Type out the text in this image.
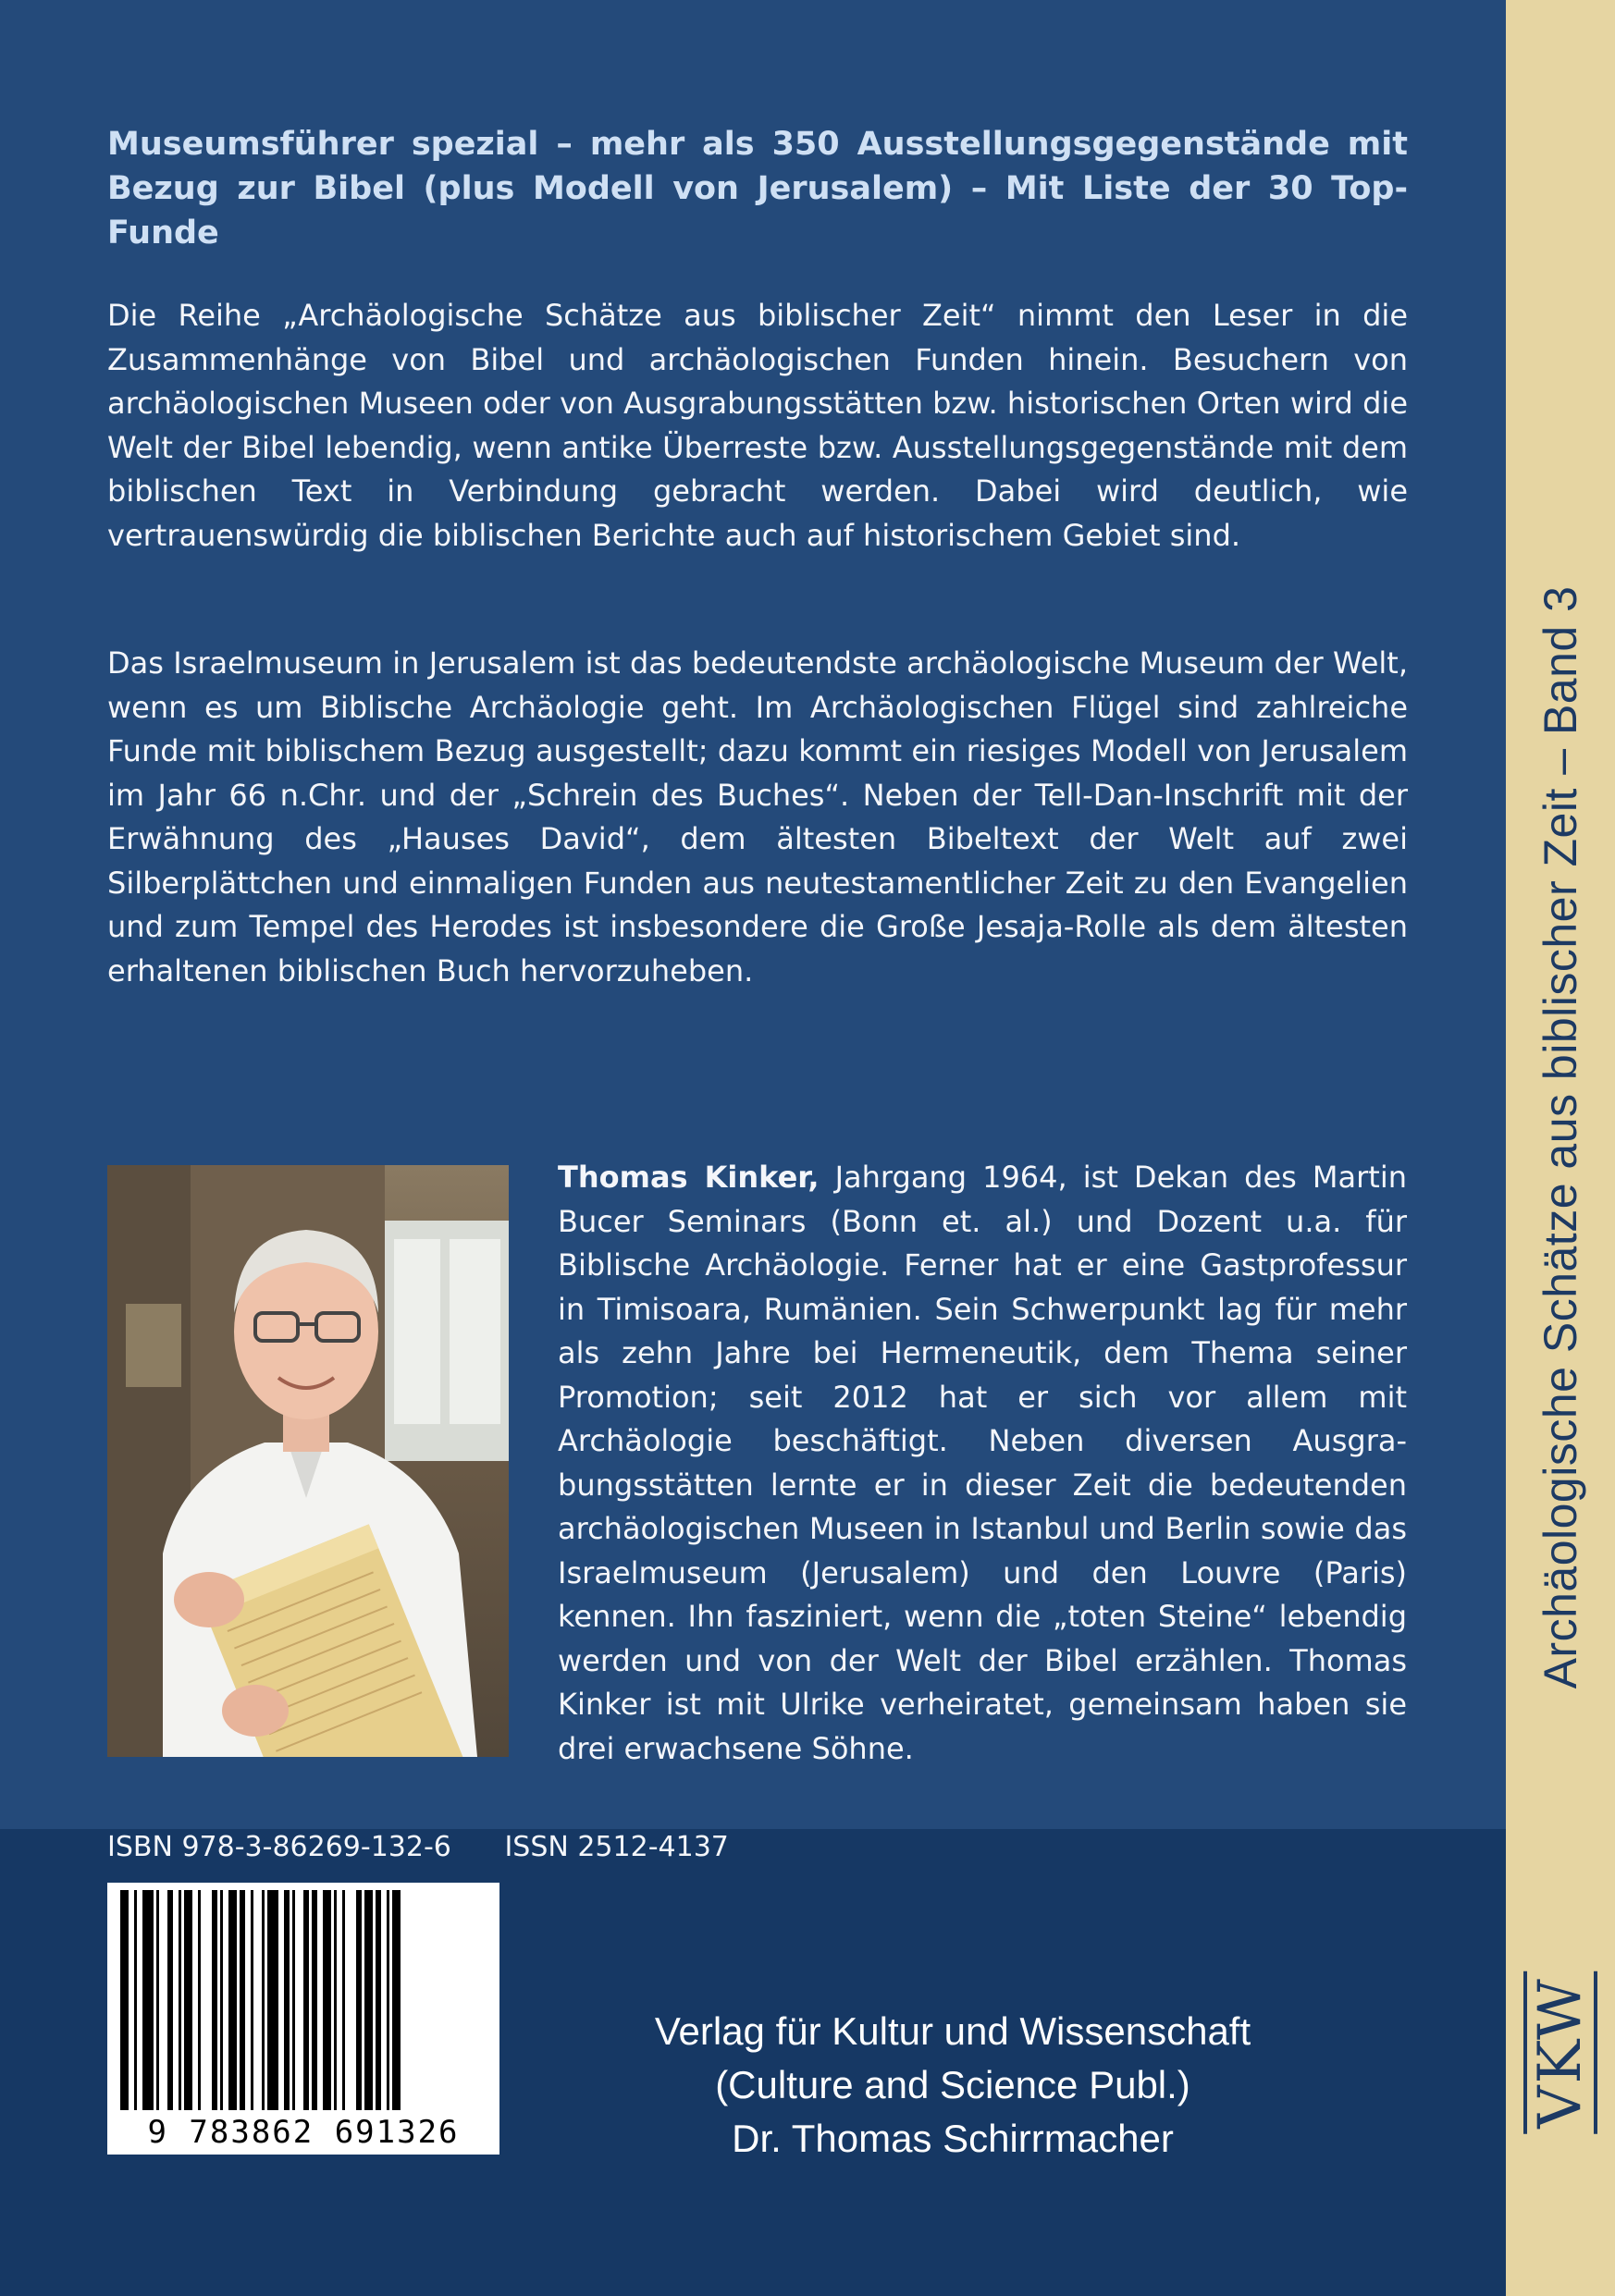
Archäologische Schätze aus biblischer Zeit – Band 3
VKW
Museumsführer spezial – mehr als 350 Ausstellungsgegenstände mit
Bezug zur Bibel (plus Modell von Jerusalem) – Mit Liste der 30 Top-Funde

Die Reihe „Archäologische Schätze aus biblischer Zeit“ nimmt den Leser in die Zusammenhänge von Bibel und archäologischen Funden hinein. Besuchern von archäologischen Museen oder von Ausgrabungsstätten bzw. historischen Orten wird die Welt der Bibel lebendig, wenn antike Überreste bzw. Ausstellungsgegenstände mit dem biblischen Text in Verbindung gebracht werden. Dabei wird deutlich, wie vertrauenswürdig die biblischen Berichte auch auf historischem Gebiet sind.

Das Israelmuseum in Jerusalem ist das bedeutendste archäologische Museum der Welt, wenn es um Biblische Archäologie geht. Im Archäologischen Flügel sind zahlreiche Funde mit biblischem Bezug ausgestellt; dazu kommt ein riesiges Modell von Jerusalem im Jahr 66 n.Chr. und der „Schrein des Buches“. Neben der Tell-Dan-Inschrift mit der Erwähnung des „Hauses David“, dem ältesten Bibeltext der Welt auf zwei Silberplättchen und einmaligen Funden aus neutestamentlicher Zeit zu den Evangelien und zum Tempel des Herodes ist insbesondere die Große Jesaja-Rolle als dem ältesten erhaltenen biblischen Buch hervorzuheben.

Thomas Kinker, Jahrgang 1964, ist Dekan des Martin Bucer Seminars (Bonn et. al.) und Dozent u.a. für Biblische Archäologie. Ferner hat er eine Gastprofessur in Timisoara, Rumänien. Sein Schwerpunkt lag für mehr als zehn Jahre bei Hermeneutik, dem Thema seiner Promotion; seit 2012 hat er sich vor allem mit Archäologie beschäftigt. Neben diversen Ausgrabungsstätten lernte er in dieser Zeit die bedeutenden archäologischen Museen in Istanbul und Berlin sowie das Israelmuseum (Jerusalem) und den Louvre (Paris) kennen. Ihn fasziniert, wenn die „toten Steine“ lebendig werden und von der Welt der Bibel erzählen. Thomas Kinker ist mit Ulrike verheiratet, gemeinsam haben sie drei erwachsene Söhne.

ISBN 978-3-86269-132-6 ISSN 2512-4137
9 783862 691326
Verlag für Kultur und Wissenschaft
(Culture and Science Publ.)
Dr. Thomas Schirrmacher
